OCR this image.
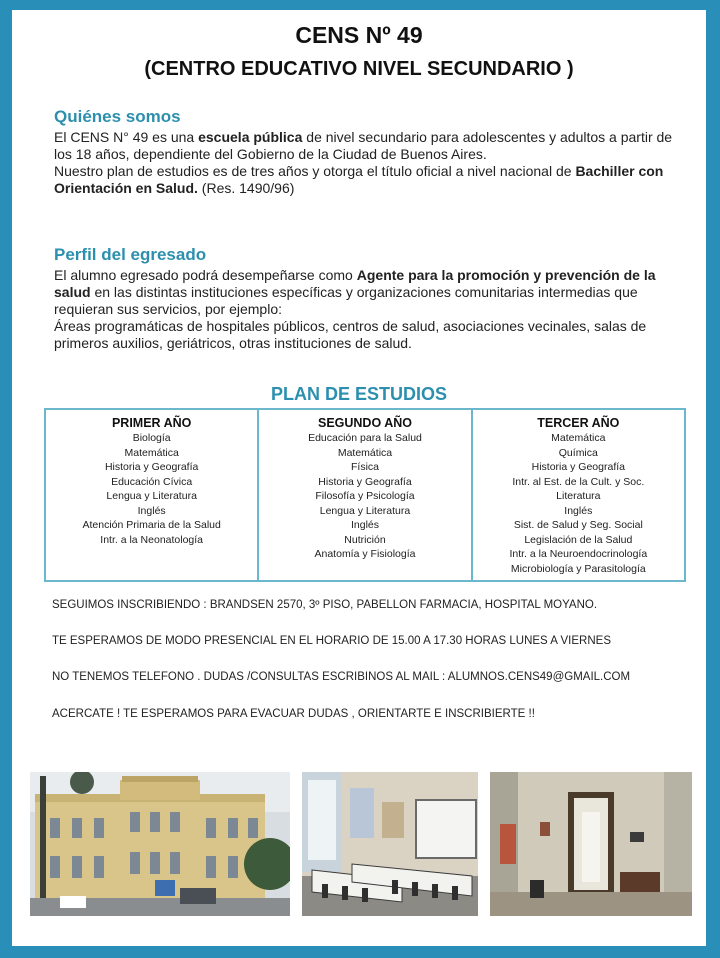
CENS Nº 49
(CENTRO EDUCATIVO NIVEL SECUNDARIO )
Quiénes somos

El CENS N° 49 es una escuela pública de nivel secundario para adolescentes y adultos a partir de los 18 años, dependiente del Gobierno de la Ciudad de Buenos Aires.

Nuestro plan de estudios es de tres años y otorga el título oficial a nivel nacional de Bachiller con Orientación en Salud. (Res. 1490/96)

Perfil del egresado

El alumno egresado podrá desempeñarse como Agente para la promoción y prevención de la salud en las distintas instituciones específicas y organizaciones comunitarias intermedias que requieran sus servicios, por ejemplo:

Áreas programáticas de hospitales públicos, centros de salud, asociaciones vecinales, salas de primeros auxilios, geriátricos, otras instituciones de salud.

PLAN DE ESTUDIOS
PRIMER AÑO
Biología
Matemática
Historia y Geografía
Educación Cívica
Lengua y Literatura
Inglés
Atención Primaria de la Salud
Intr. a la Neonatología
SEGUNDO AÑO
Educación para la Salud
Matemática
Física
Historia y Geografía
Filosofía y Psicología
Lengua y Literatura
Inglés
Nutrición
Anatomía y Fisiología
TERCER AÑO
Matemática
Química
Historia y Geografía
Intr. al Est. de la Cult. y Soc.
Literatura
Inglés
Sist. de Salud y Seg. Social
Legislación de la Salud
Intr. a la Neuroendocrinología
Microbiología y Parasitología
SEGUIMOS INSCRIBIENDO : BRANDSEN 2570, 3º PISO, PABELLON FARMACIA, HOSPITAL MOYANO.
TE ESPERAMOS DE MODO PRESENCIAL EN EL HORARIO DE 15.00 A 17.30 HORAS LUNES A VIERNES
NO TENEMOS TELEFONO . DUDAS /CONSULTAS ESCRIBINOS AL MAIL : ALUMNOS.CENS49@GMAIL.COM
ACERCATE ! TE ESPERAMOS PARA EVACUAR DUDAS , ORIENTARTE E INSCRIBIERTE !!
